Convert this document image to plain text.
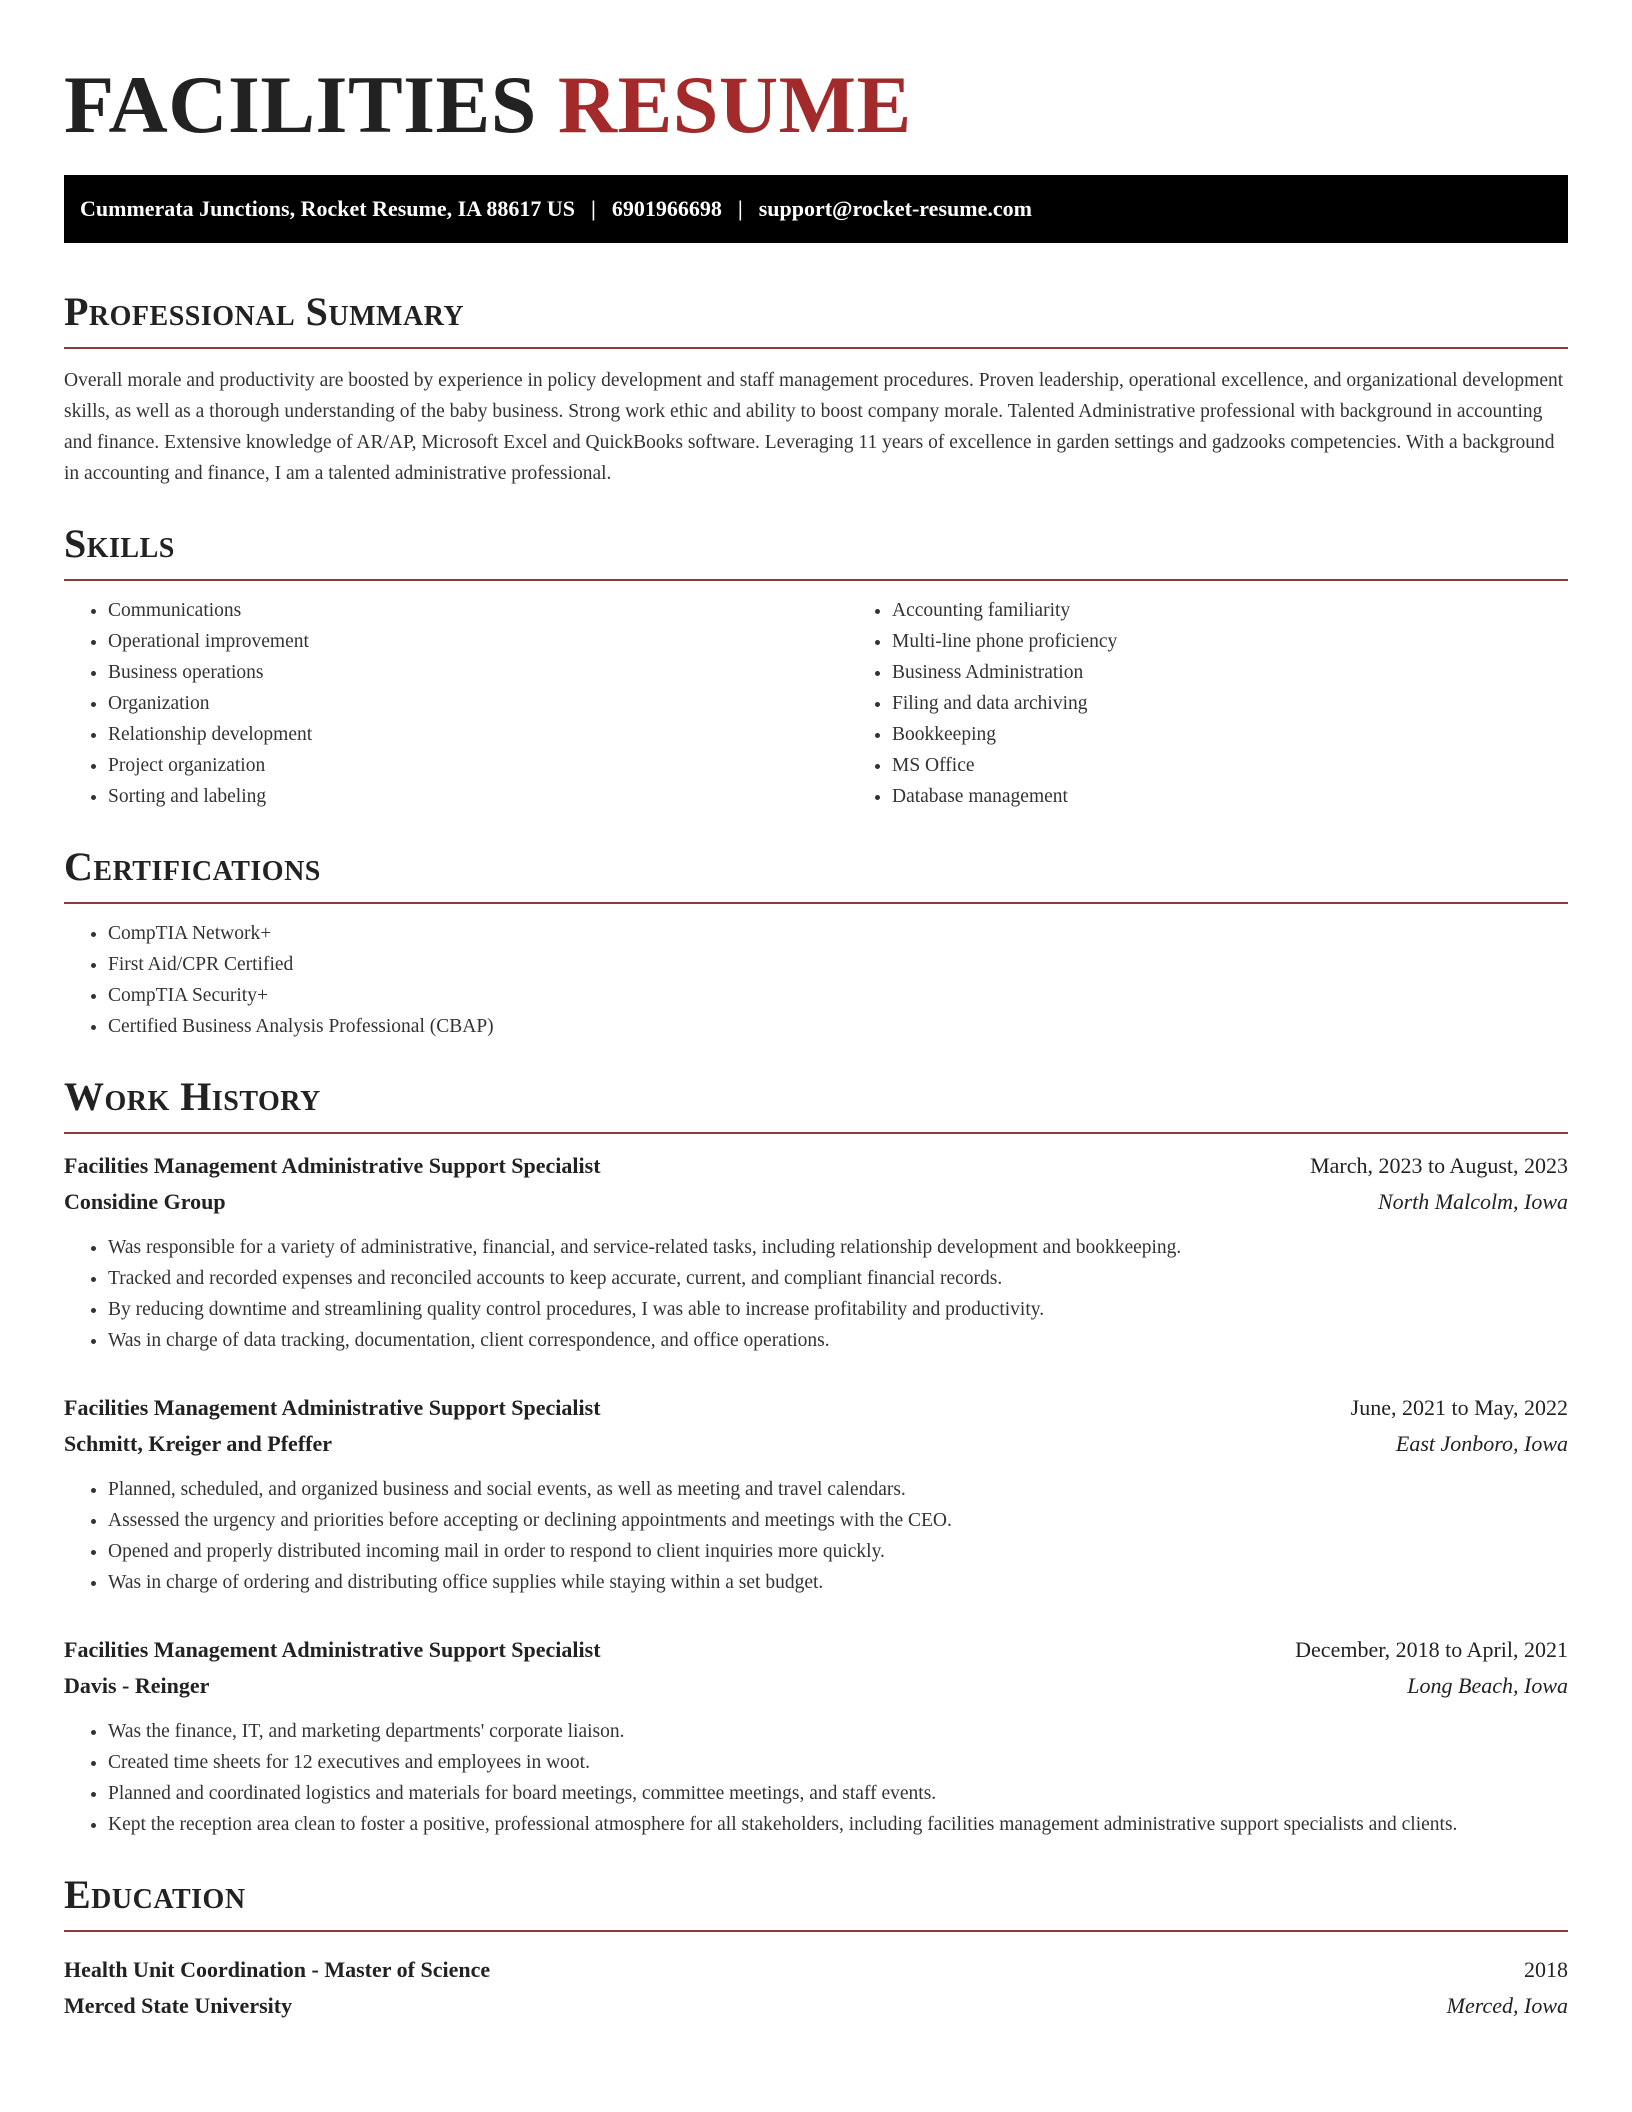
FACILITIES RESUME
Cummerata Junctions, Rocket Resume, IA 88617 US | 6901966698 | support@rocket-resume.com
Professional Summary

Overall morale and productivity are boosted by experience in policy development and staff management procedures. Proven leadership, operational excellence, and organizational development skills, as well as a thorough understanding of the baby business. Strong work ethic and ability to boost company morale. Talented Administrative professional with background in accounting and finance. Extensive knowledge of AR/AP, Microsoft Excel and QuickBooks software. Leveraging 11 years of excellence in garden settings and gadzooks competencies. With a background in accounting and finance, I am a talented administrative professional.

Skills
• Communications
• Operational improvement
• Business operations
• Organization
• Relationship development
• Project organization
• Sorting and labeling
• Accounting familiarity
• Multi-line phone proficiency
• Business Administration
• Filing and data archiving
• Bookkeeping
• MS Office
• Database management
Certifications
• CompTIA Network+
• First Aid/CPR Certified
• CompTIA Security+
• Certified Business Analysis Professional (CBAP)
Work History
Facilities Management Administrative Support Specialist	March, 2023 to August, 2023
Considine Group	North Malcolm, Iowa
• Was responsible for a variety of administrative, financial, and service-related tasks, including relationship development and bookkeeping.
• Tracked and recorded expenses and reconciled accounts to keep accurate, current, and compliant financial records.
• By reducing downtime and streamlining quality control procedures, I was able to increase profitability and productivity.
• Was in charge of data tracking, documentation, client correspondence, and office operations.
Facilities Management Administrative Support Specialist	June, 2021 to May, 2022
Schmitt, Kreiger and Pfeffer	East Jonboro, Iowa
• Planned, scheduled, and organized business and social events, as well as meeting and travel calendars.
• Assessed the urgency and priorities before accepting or declining appointments and meetings with the CEO.
• Opened and properly distributed incoming mail in order to respond to client inquiries more quickly.
• Was in charge of ordering and distributing office supplies while staying within a set budget.
Facilities Management Administrative Support Specialist	December, 2018 to April, 2021
Davis - Reinger	Long Beach, Iowa
• Was the finance, IT, and marketing departments' corporate liaison.
• Created time sheets for 12 executives and employees in woot.
• Planned and coordinated logistics and materials for board meetings, committee meetings, and staff events.
• Kept the reception area clean to foster a positive, professional atmosphere for all stakeholders, including facilities management administrative support specialists and clients.
Education
Health Unit Coordination - Master of Science	2018
Merced State University	Merced, Iowa
